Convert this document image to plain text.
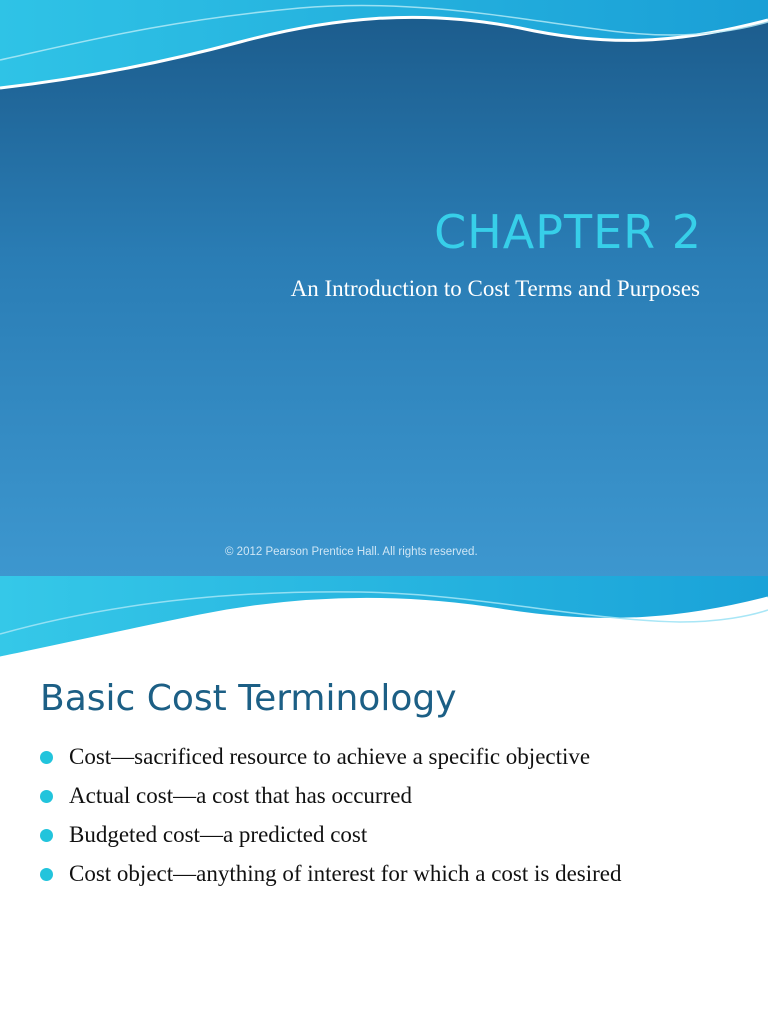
CHAPTER 2
An Introduction to Cost Terms and Purposes
© 2012 Pearson Prentice Hall. All rights reserved.
Basic Cost Terminology
Cost—sacrificed resource to achieve a specific objective
Actual cost—a cost that has occurred
Budgeted cost—a predicted cost
Cost object—anything of interest for which a cost is desired
